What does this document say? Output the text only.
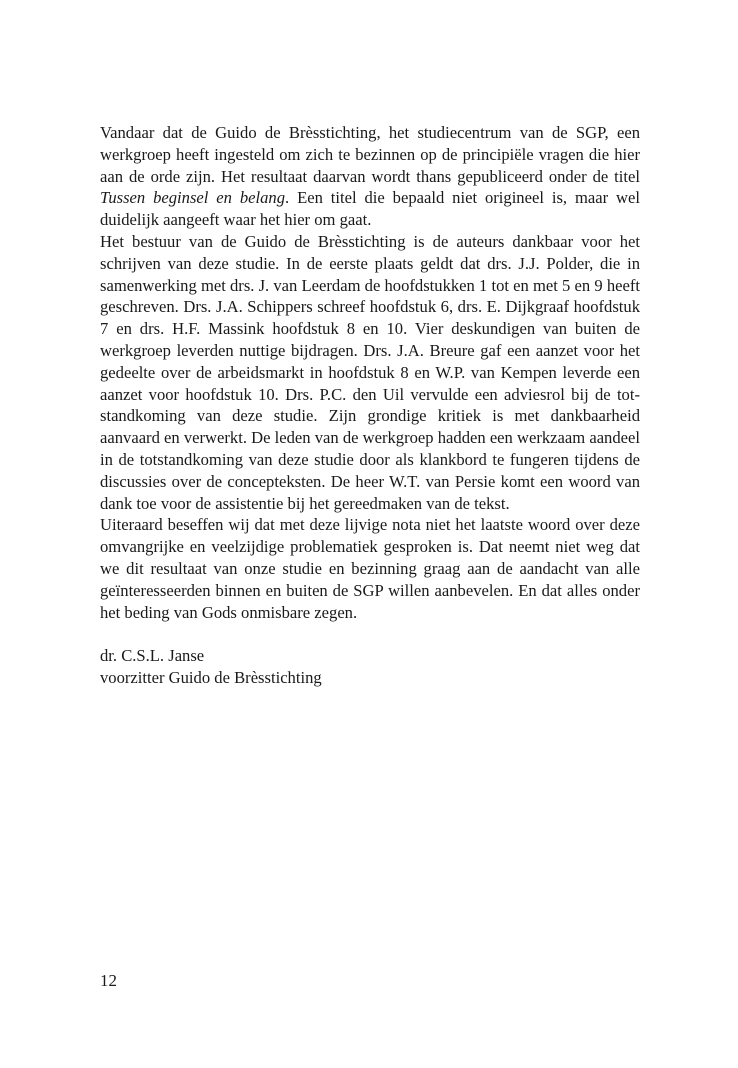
Vandaar dat de Guido de Brèsstichting, het studiecentrum van de SGP, een werkgroep heeft ingesteld om zich te bezinnen op de principiële vragen die hier aan de orde zijn. Het resultaat daarvan wordt thans gepubliceerd onder de titel Tussen beginsel en belang. Een titel die bepaald niet origineel is, maar wel duidelijk aangeeft waar het hier om gaat.

Het bestuur van de Guido de Brèsstichting is de auteurs dankbaar voor het schrijven van deze studie. In de eerste plaats geldt dat drs. J.J. Polder, die in samenwerking met drs. J. van Leerdam de hoofdstukken 1 tot en met 5 en 9 heeft geschreven. Drs. J.A. Schippers schreef hoofdstuk 6, drs. E. Dijkgraaf hoofdstuk 7 en drs. H.F. Massink hoofdstuk 8 en 10. Vier deskundigen van buiten de werkgroep leverden nuttige bijdragen. Drs. J.A. Breure gaf een aanzet voor het gedeelte over de arbeidsmarkt in hoofdstuk 8 en W.P. van Kempen leverde een aanzet voor hoofdstuk 10. Drs. P.C. den Uil vervulde een adviesrol bij de totstandkoming van deze studie. Zijn grondige kritiek is met dankbaarheid aanvaard en verwerkt. De leden van de werkgroep hadden een werkzaam aandeel in de totstandkoming van deze studie door als klankbord te fungeren tijdens de discussies over de concepteksten. De heer W.T. van Persie komt een woord van dank toe voor de assistentie bij het gereedmaken van de tekst.

Uiteraard beseffen wij dat met deze lijvige nota niet het laatste woord over deze omvangrijke en veelzijdige problematiek gesproken is. Dat neemt niet weg dat we dit resultaat van onze studie en bezinning graag aan de aandacht van alle geïnteresseerden binnen en buiten de SGP willen aanbevelen. En dat alles onder het beding van Gods onmisbare zegen.

dr. C.S.L. Janse
voorzitter Guido de Brèsstichting
12
